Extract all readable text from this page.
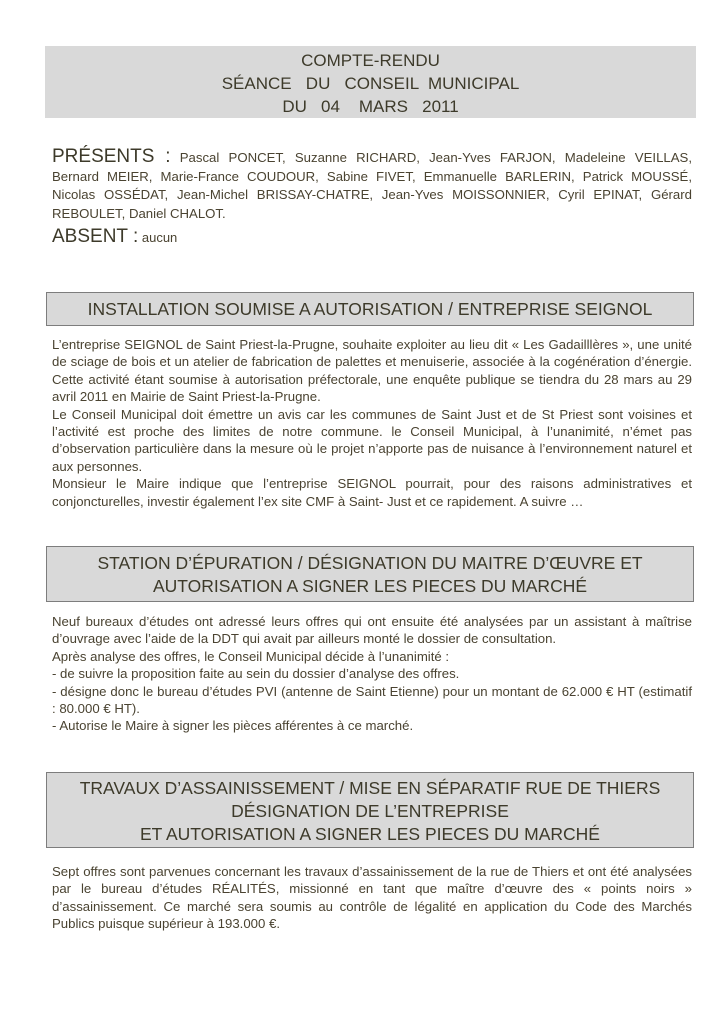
COMPTE-RENDU
SÉANCE   DU   CONSEIL  MUNICIPAL
DU   04    MARS   2011
PRÉSENTS : Pascal PONCET, Suzanne RICHARD, Jean-Yves FARJON, Madeleine VEILLAS, Bernard MEIER, Marie-France COUDOUR, Sabine FIVET, Emmanuelle BARLERIN, Patrick MOUSSÉ, Nicolas OSSÉDAT, Jean-Michel BRISSAY-CHATRE, Jean-Yves MOISSONNIER, Cyril EPINAT, Gérard REBOULET, Daniel CHALOT.
ABSENT : aucun
INSTALLATION SOUMISE A AUTORISATION / ENTREPRISE SEIGNOL

L’entreprise SEIGNOL de Saint Priest-la-Prugne, souhaite exploiter au lieu dit « Les Gadailllères », une unité de sciage de bois et un atelier de fabrication de palettes et menuiserie, associée à la cogénération d’énergie. Cette activité étant soumise à autorisation préfectorale, une enquête publique se tiendra du 28 mars au 29 avril 2011 en Mairie de Saint Priest-la-Prugne.

Le Conseil Municipal doit émettre un avis car les communes de Saint Just et de St Priest sont voisines et l’activité est proche des limites de notre commune. le Conseil Municipal, à l’unanimité, n’émet pas d’observation particulière dans la mesure où le projet n’apporte pas de nuisance à l’environnement naturel et aux personnes.

Monsieur le Maire indique que l’entreprise SEIGNOL pourrait, pour des raisons administratives et conjoncturelles, investir également l’ex site CMF à Saint- Just et ce rapidement. A suivre …

STATION D’ÉPURATION / DÉSIGNATION DU MAITRE D’ŒUVRE ET
AUTORISATION A SIGNER LES PIECES DU MARCHÉ

Neuf bureaux d’études ont adressé leurs offres qui ont ensuite été analysées par un assistant à maîtrise d’ouvrage avec l’aide de la DDT qui avait par ailleurs monté le dossier de consultation.

Après analyse des offres, le Conseil Municipal décide à l’unanimité :

- de suivre la proposition faite au sein du dossier d’analyse des offres.

- désigne donc le bureau d’études PVI (antenne de Saint Etienne) pour un montant de 62.000 € HT (estimatif : 80.000 € HT).

- Autorise le Maire à signer les pièces afférentes à ce marché.

TRAVAUX D’ASSAINISSEMENT / MISE EN SÉPARATIF RUE DE THIERS
DÉSIGNATION DE L’ENTREPRISE
ET AUTORISATION A SIGNER LES PIECES DU MARCHÉ

Sept offres sont parvenues concernant les travaux d’assainissement de la rue de Thiers et ont été analysées par le bureau d’études RÉALITÉS, missionné en tant que maître d’œuvre des « points noirs » d’assainissement. Ce marché sera soumis au contrôle de légalité en application du Code des Marchés Publics puisque supérieur à 193.000 €.
